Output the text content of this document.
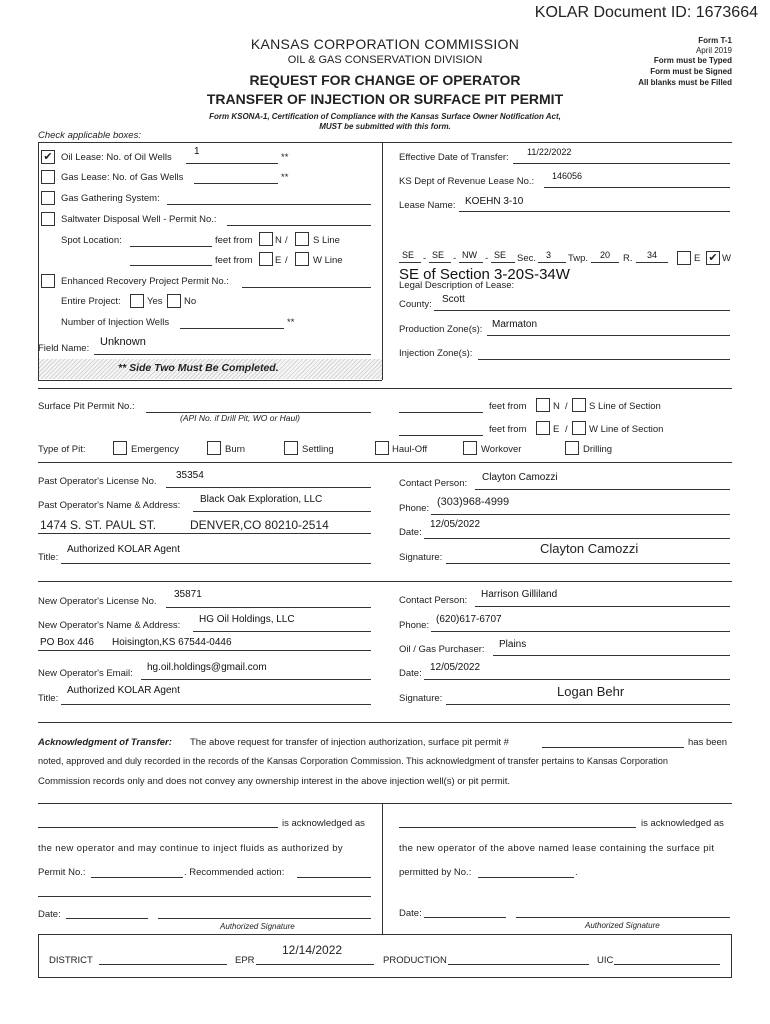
KOLAR Document ID: 1673664
KANSAS CORPORATION COMMISSION
OIL & GAS CONSERVATION DIVISION
REQUEST FOR CHANGE OF OPERATOR
TRANSFER OF INJECTION OR SURFACE PIT PERMIT
Form KSONA-1, Certification of Compliance with the Kansas Surface Owner Notification Act,
MUST be submitted with this form.
Form T-1
April 2019
Form must be Typed
Form must be Signed
All blanks must be Filled
Check applicable boxes:
✔ Oil Lease: No. of Oil Wells
1
**
Gas Lease: No. of Gas Wells	**
Gas Gathering System:
Saltwater Disposal Well - Permit No.:
Spot Location:	feet from N /	S Line
feet from E /	W Line
Enhanced Recovery Project Permit No.:
Entire Project:	Yes No
Number of Injection Wells	**
Field Name:
Unknown
** Side Two Must Be Completed.
Effective Date of Transfer: 11/22/2022
KS Dept of Revenue Lease No.: 146056
Lease Name: KOEHN 3-10
SE - SE - NW - SE Sec. 3 Twp. 20 R. 34	E ✔ W
Legal Description of Lease:
SE of Section 3-20S-34W
County: Scott
Production Zone(s): Marmaton
Injection Zone(s):
Surface Pit Permit No.:
(API No. if Drill Pit, WO or Haul)
feet from	N / S Line of Section
feet from	E / W Line of Section
Type of Pit:	Emergency	Burn	Settling	Haul-Off	Workover	Drilling
Past Operator's License No.
35354
Past Operator's Name & Address:
Black Oak Exploration, LLC
1474 S. ST. PAUL ST.	DENVER,CO 80210-2514
Title:
Authorized KOLAR Agent
Contact Person:
Clayton Camozzi
Phone:
(303)968-4999
Date:
12/05/2022
Signature:
Clayton Camozzi
New Operator's License No.
35871
New Operator's Name & Address:
HG Oil Holdings, LLC
PO Box 446 Hoisington,KS 67544-0446
New Operator's Email:
hg.oil.holdings@gmail.com
Title:
Authorized KOLAR Agent
Contact Person:
Harrison Gilliland
Phone:
(620)617-6707
Oil / Gas Purchaser: Plains
Date:
12/05/2022
Signature:	Logan Behr
Acknowledgment of Transfer: The above request for transfer of injection authorization, surface pit permit #	has been
noted, approved and duly recorded in the records of the Kansas Corporation Commission. This acknowledgment of transfer pertains to Kansas Corporation
Commission records only and does not convey any ownership interest in the above injection well(s) or pit permit.
is acknowledged as
the new operator and may continue to inject fluids as authorized by
Permit No.:	. Recommended action:
Date:
Authorized Signature
is acknowledged as
the new operator of the above named lease containing the surface pit
permitted by No.:	.
Date:
Authorized Signature
DISTRICT	EPR
12/14/2022
PRODUCTION	UIC
